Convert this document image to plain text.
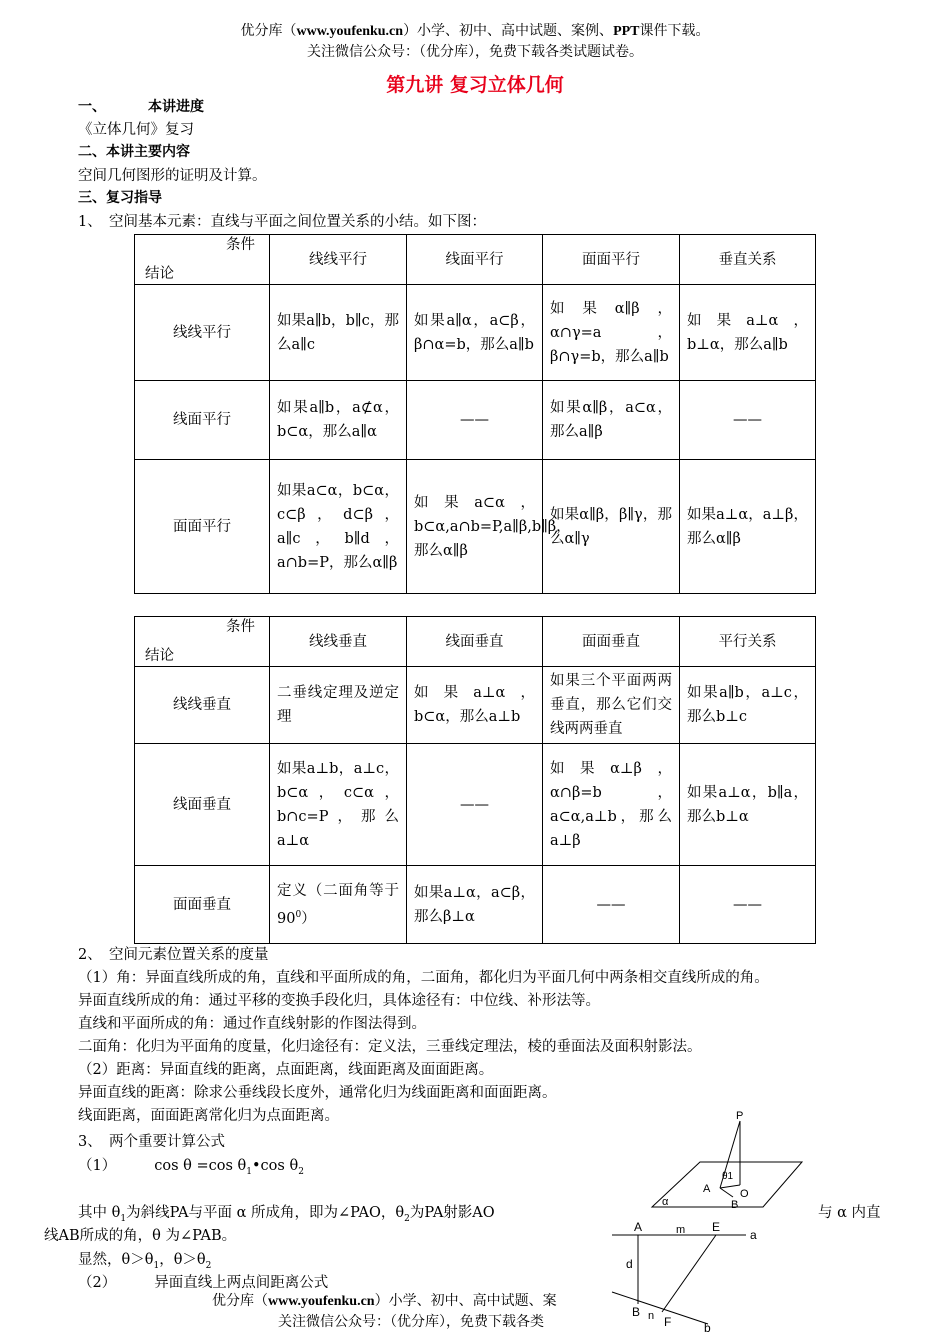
优分库（www.youfenku.cn）小学、初中、高中试题、案例、PPT课件下载。
关注微信公众号：（优分库），免费下载各类试题试卷。
第九讲 复习立体几何
一、	本讲进度
《立体几何》复习
二、本讲主要内容
空间几何图形的证明及计算。
三、复习指导
1、　空间基本元素：直线与平面之间位置关系的小结。如下图：
条件
结论	线线平行	线面平行	面面平行	垂直关系
线线平行	如果a∥b，b∥c，那么a∥c	如果a∥α，a⊂β，β∩α=b，那么a∥b	如果α∥β，α∩γ=a，β∩γ=b，那么a∥b	如果a⊥α，b⊥α，那么a∥b
线面平行	如果a∥b，a⊄α，b⊂α，那么a∥α	——	如果α∥β，a⊂α，那么a∥β	——
面面平行	如果a⊂α，b⊂α，c⊂β，d⊂β，a∥c，b∥d，a∩b=P，那么α∥β	如果a⊂α，b⊂α,a∩b=P,a∥β,b∥β，那么α∥β	如果α∥β，β∥γ，那么α∥γ	如果a⊥α，a⊥β，那么α∥β
条件
结论	线线垂直	线面垂直	面面垂直	平行关系
线线垂直	二垂线定理及逆定理	如果a⊥α，b⊂α，那么a⊥b	如果三个平面两两垂直，那么它们交线两两垂直	如果a∥b，a⊥c，那么b⊥c
线面垂直	如果a⊥b，a⊥c，b⊂α，c⊂α，b∩c=P，那么a⊥α	——	如果α⊥β，α∩β=b，a⊂α,a⊥b，那么a⊥β	如果a⊥α，b∥a，那么b⊥α
面面垂直	定义（二面角等于$90^0$）	如果a⊥α，a⊂β，那么β⊥α	——	——
2、　空间元素位置关系的度量
（1）角：异面直线所成的角，直线和平面所成的角，二面角，都化归为平面几何中两条相交直线所成的角。
异面直线所成的角：通过平移的变换手段化归，具体途径有：中位线、补形法等。
直线和平面所成的角：通过作直线射影的作图法得到。
二面角：化归为平面角的度量，化归途径有：定义法，三垂线定理法，棱的垂面法及面积射影法。
（2）距离：异面直线的距离，点面距离，线面距离及面面距离。
异面直线的距离：除求公垂线段长度外，通常化归为线面距离和面面距离。
线面距离，面面距离常化归为点面距离。
3、　两个重要计算公式
（1）	cos θ =cos $\theta_1•\cos$ $\theta_2$
其中 $\theta_1$为斜线PA与平面 α 所成角，即为∠PAO，$\theta_2$为PA射影AO	与 α 内直
线AB所成的角，θ 为∠PAB。
显然，$\theta>\theta_1$，$\theta>\theta_2$
（2）	异面直线上两点间距离公式
P
θ1
A	O
B
α
A	m E
a
d
B n F	b
优分库（www.youfenku.cn）小学、初中、高中试题、案
关注微信公众号：（优分库），免费下载各类
